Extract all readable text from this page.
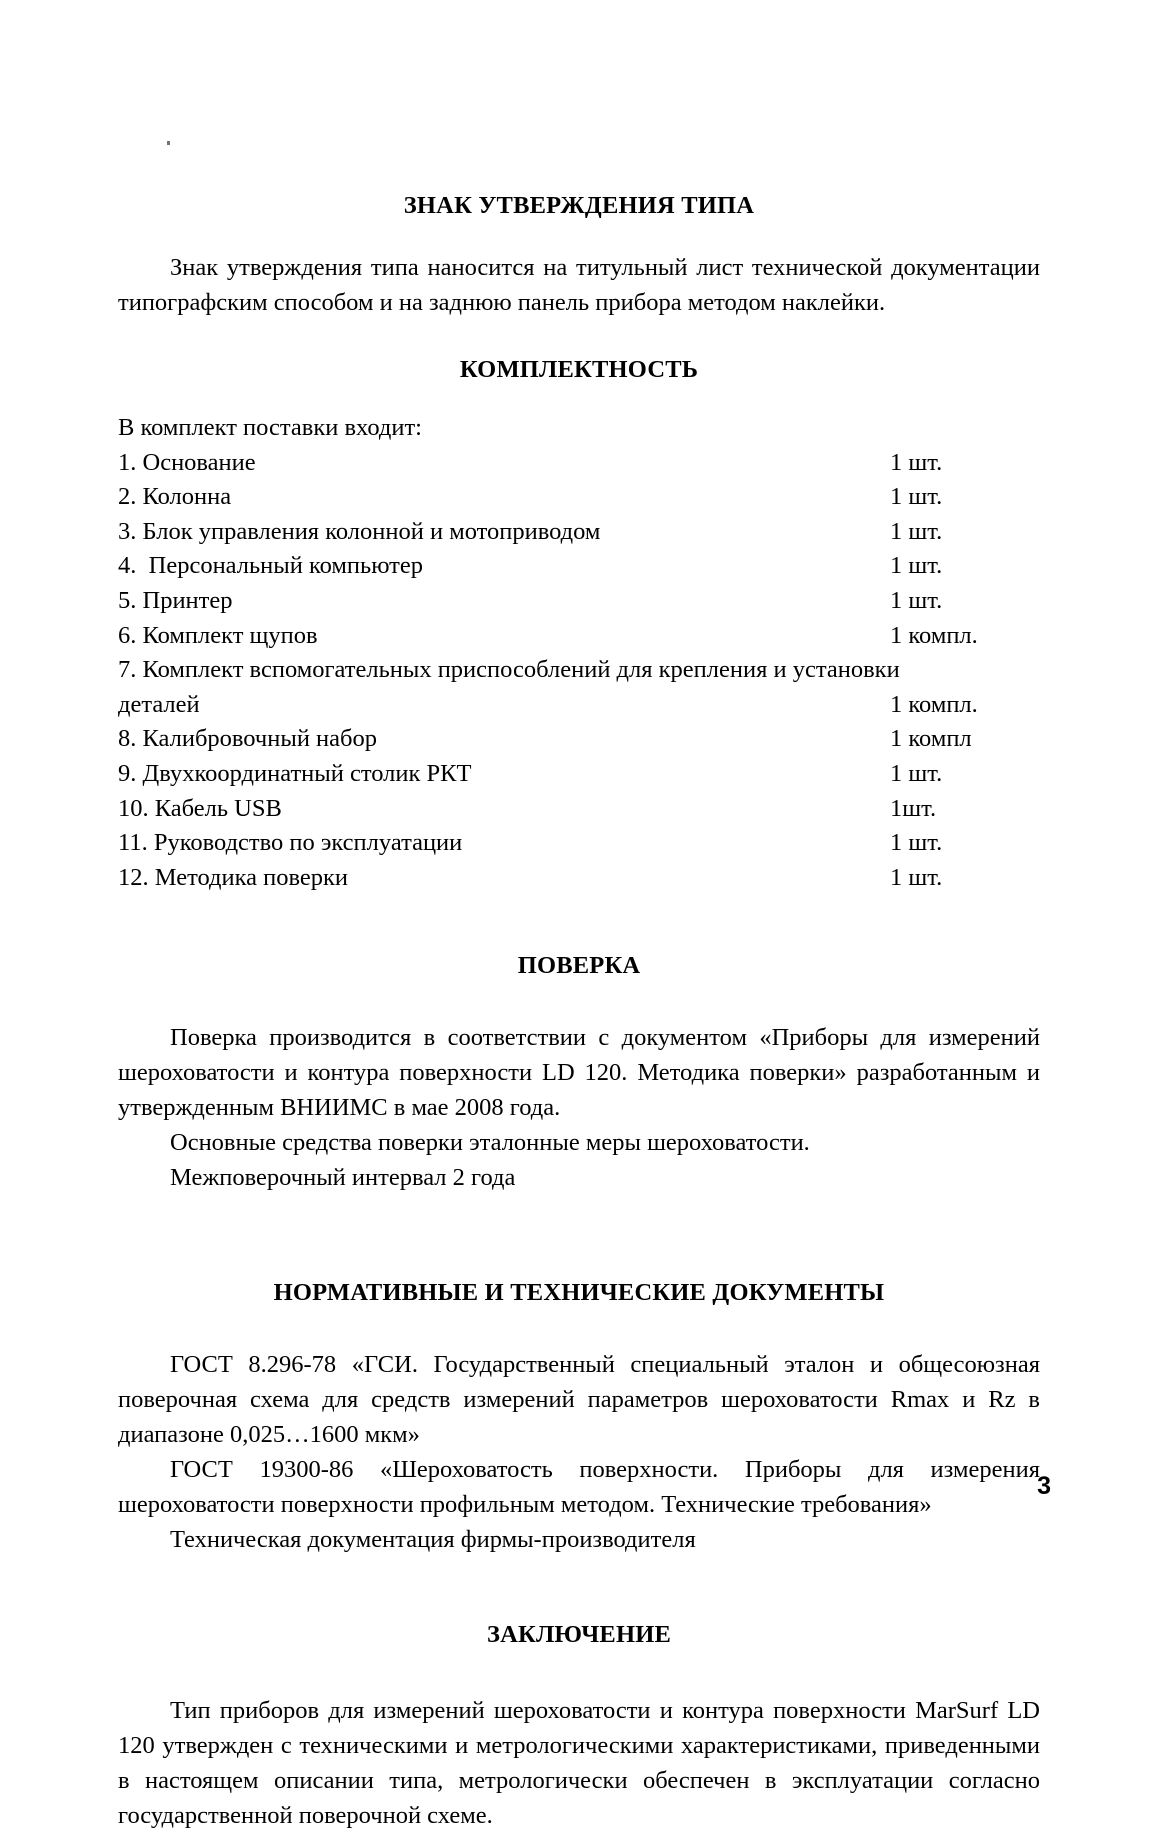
ЗНАК УТВЕРЖДЕНИЯ ТИПА

Знак утверждения типа наносится на титульный лист технической документации типографским способом и на заднюю панель прибора методом наклейки.

КОМПЛЕКТНОСТЬ

В комплект поставки входит:

1. Основание	1 шт.
2. Колонна	1 шт.
3. Блок управления колонной и мотоприводом	1 шт.
4.  Персональный компьютер	1 шт.
5. Принтер	1 шт.
6. Комплект щупов	1 компл.
7. Комплект вспомогательных приспособлений для крепления и установки
деталей	1 компл.
8. Калибровочный набор	1 компл
9. Двухкоординатный столик РКТ	1 шт.
10. Кабель USB	1шт.
11. Руководство по эксплуатации	1 шт.
12. Методика поверки	1 шт.
ПОВЕРКА

Поверка производится в соответствии с документом «Приборы для измерений шероховатости и контура поверхности LD 120. Методика поверки» разработанным и утвержденным ВНИИМС в мае 2008 года.

Основные средства поверки эталонные меры шероховатости.

Межповерочный интервал 2 года

НОРМАТИВНЫЕ И ТЕХНИЧЕСКИЕ ДОКУМЕНТЫ

ГОСТ 8.296-78 «ГСИ. Государственный специальный эталон и общесоюзная поверочная схема для средств измерений параметров шероховатости Rmax и Rz в диапазоне 0,025…1600 мкм»

ГОСТ 19300-86 «Шероховатость поверхности. Приборы для измерения шероховатости поверхности профильным методом. Технические требования»

Техническая документация фирмы-производителя

ЗАКЛЮЧЕНИЕ

Тип приборов для измерений шероховатости и контура поверхности MarSurf LD 120 утвержден с техническими и метрологическими характеристиками, приведенными в настоящем описании типа, метрологически обеспечен в эксплуатации согласно государственной поверочной схеме.

3
